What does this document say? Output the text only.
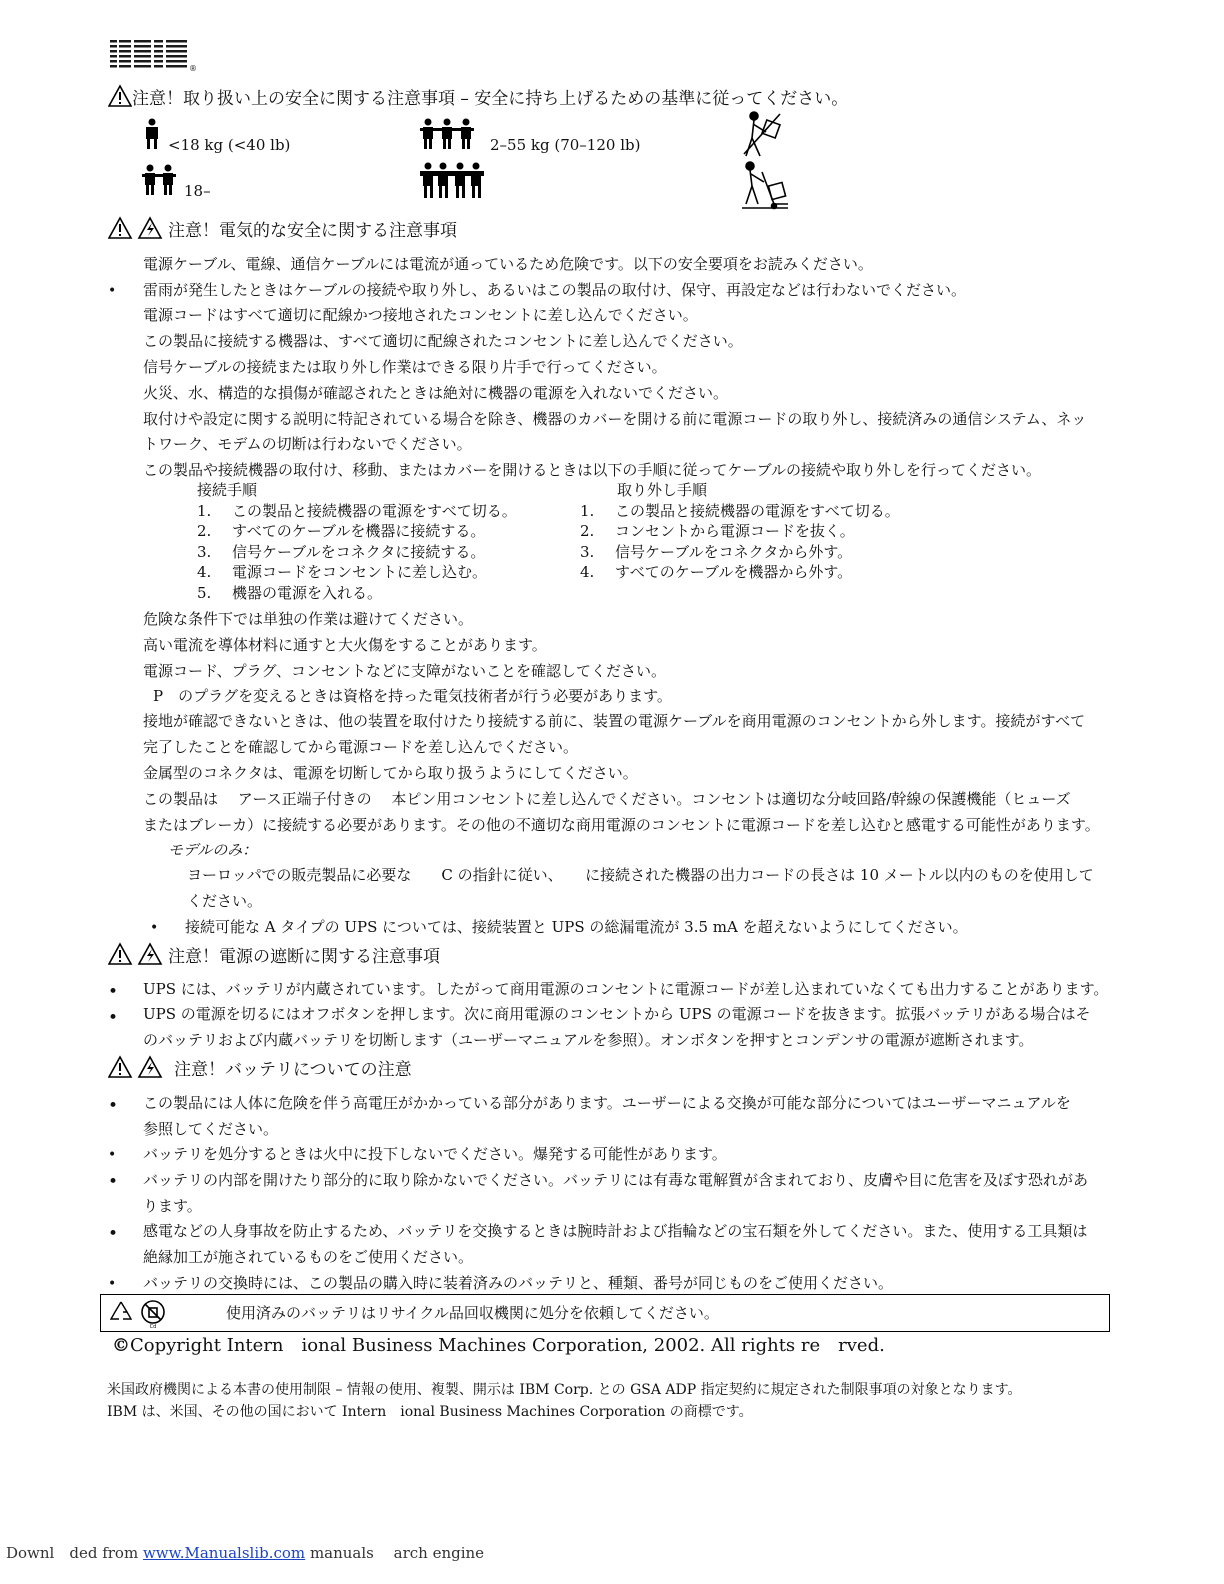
®
注意！取り扱い上の安全に関する注意事項 – 安全に持ち上げるための基準に従ってください。
<18 kg (<40 lb)	2–55 kg (70–120 lb)
18–
注意！電気的な安全に関する注意事項
電源ケーブル、電線、通信ケーブルには電流が通っているため危険です。以下の安全要項をお読みください。
• 雷雨が発生したときはケーブルの接続や取り外し、あるいはこの製品の取付け、保守、再設定などは行わないでください。
電源コードはすべて適切に配線かつ接地されたコンセントに差し込んでください。
この製品に接続する機器は、すべて適切に配線されたコンセントに差し込んでください。
信号ケーブルの接続または取り外し作業はできる限り片手で行ってください。
火災、水、構造的な損傷が確認されたときは絶対に機器の電源を入れないでください。
取付けや設定に関する説明に特記されている場合を除き、機器のカバーを開ける前に電源コードの取り外し、接続済みの通信システム、ネッ
トワーク、モデムの切断は行わないでください。
この製品や接続機器の取付け、移動、またはカバーを開けるときは以下の手順に従ってケーブルの接続や取り外しを行ってください。
接続手順
1. この製品と接続機器の電源をすべて切る。
2. すべてのケーブルを機器に接続する。
3. 信号ケーブルをコネクタに接続する。
4. 電源コードをコンセントに差し込む。
5. 機器の電源を入れる。
取り外し手順
1. この製品と接続機器の電源をすべて切る。
2. コンセントから電源コードを抜く。
3. 信号ケーブルをコネクタから外す。
4. すべてのケーブルを機器から外す。
危険な条件下では単独の作業は避けてください。
高い電流を導体材料に通すと大火傷をすることがあります。
電源コード、プラグ、コンセントなどに支障がないことを確認してください。
P　のプラグを変えるときは資格を持った電気技術者が行う必要があります。
接地が確認できないときは、他の装置を取付けたり接続する前に、装置の電源ケーブルを商用電源のコンセントから外します。接続がすべて
完了したことを確認してから電源コードを差し込んでください。
金属型のコネクタは、電源を切断してから取り扱うようにしてください。
この製品は　 アース正端子付きの　 本ピン用コンセントに差し込んでください。コンセントは適切な分岐回路/幹線の保護機能（ヒューズ
またはブレーカ）に接続する必要があります。その他の不適切な商用電源のコンセントに電源コードを差し込むと感電する可能性があります。
モデルのみ：
ヨーロッパでの販売製品に必要な　　C の指針に従い、　　に接続された機器の出力コードの長さは 10 メートル以内のものを使用して
ください。
• 接続可能な A タイプの UPS については、接続装置と UPS の総漏電流が 3.5 mA を超えないようにしてください。
注意！電源の遮断に関する注意事項
• UPS には、バッテリが内蔵されています。したがって商用電源のコンセントに電源コードが差し込まれていなくても出力することがあります。
• UPS の電源を切るにはオフボタンを押します。次に商用電源のコンセントから UPS の電源コードを抜きます。拡張バッテリがある場合はそ
のバッテリおよび内蔵バッテリを切断します（ユーザーマニュアルを参照）。オンボタンを押すとコンデンサの電源が遮断されます。
注意！バッテリについての注意
• この製品には人体に危険を伴う高電圧がかかっている部分があります。ユーザーによる交換が可能な部分についてはユーザーマニュアルを
参照してください。
• バッテリを処分するときは火中に投下しないでください。爆発する可能性があります。
• バッテリの内部を開けたり部分的に取り除かないでください。バッテリには有毒な電解質が含まれており、皮膚や目に危害を及ぼす恐れがあ
ります。
• 感電などの人身事故を防止するため、バッテリを交換するときは腕時計および指輪などの宝石類を外してください。また、使用する工具類は
絶縁加工が施されているものをご使用ください。
• バッテリの交換時には、この製品の購入時に装着済みのバッテリと、種類、番号が同じものをご使用ください。
Cd
使用済みのバッテリはリサイクル品回収機関に処分を依頼してください。
©Copyright Intern　ional Business Machines Corporation, 2002. All rights re　rved.
米国政府機関による本書の使用制限 – 情報の使用、複製、開示は IBM Corp. との GSA ADP 指定契約に規定された制限事項の対象となります。
IBM は、米国、その他の国において Intern　ional Business Machines Corporation の商標です。
Downl　ded from www.Manualslib.com manuals　 arch engine
